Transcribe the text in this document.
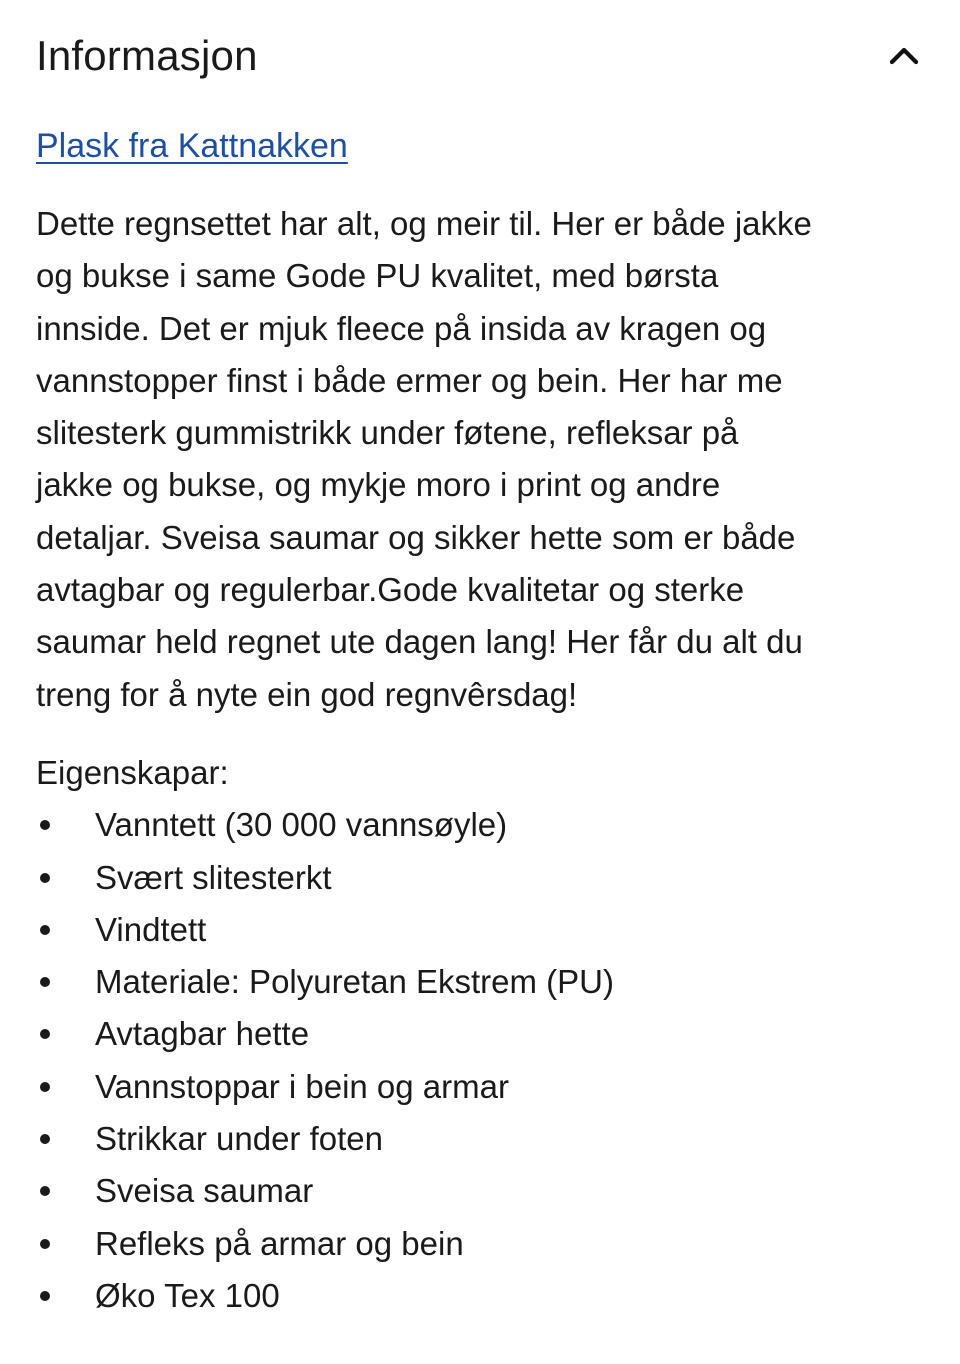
Informasjon
Plask fra Kattnakken
Dette regnsettet har alt, og meir til. Her er både jakke
og bukse i same Gode PU kvalitet, med børsta
innside. Det er mjuk fleece på insida av kragen og
vannstopper finst i både ermer og bein. Her har me
slitesterk gummistrikk under føtene, refleksar på
jakke og bukse, og mykje moro i print og andre
detaljar. Sveisa saumar og sikker hette som er både
avtagbar og regulerbar.Gode kvalitetar og sterke
saumar held regnet ute dagen lang! Her får du alt du
treng for å nyte ein god regnvêrsdag!
Eigenskapar:
Vanntett (30 000 vannsøyle)
Svært slitesterkt
Vindtett
Materiale: Polyuretan Ekstrem (PU)
Avtagbar hette
Vannstoppar i bein og armar
Strikkar under foten
Sveisa saumar
Refleks på armar og bein
Øko Tex 100
